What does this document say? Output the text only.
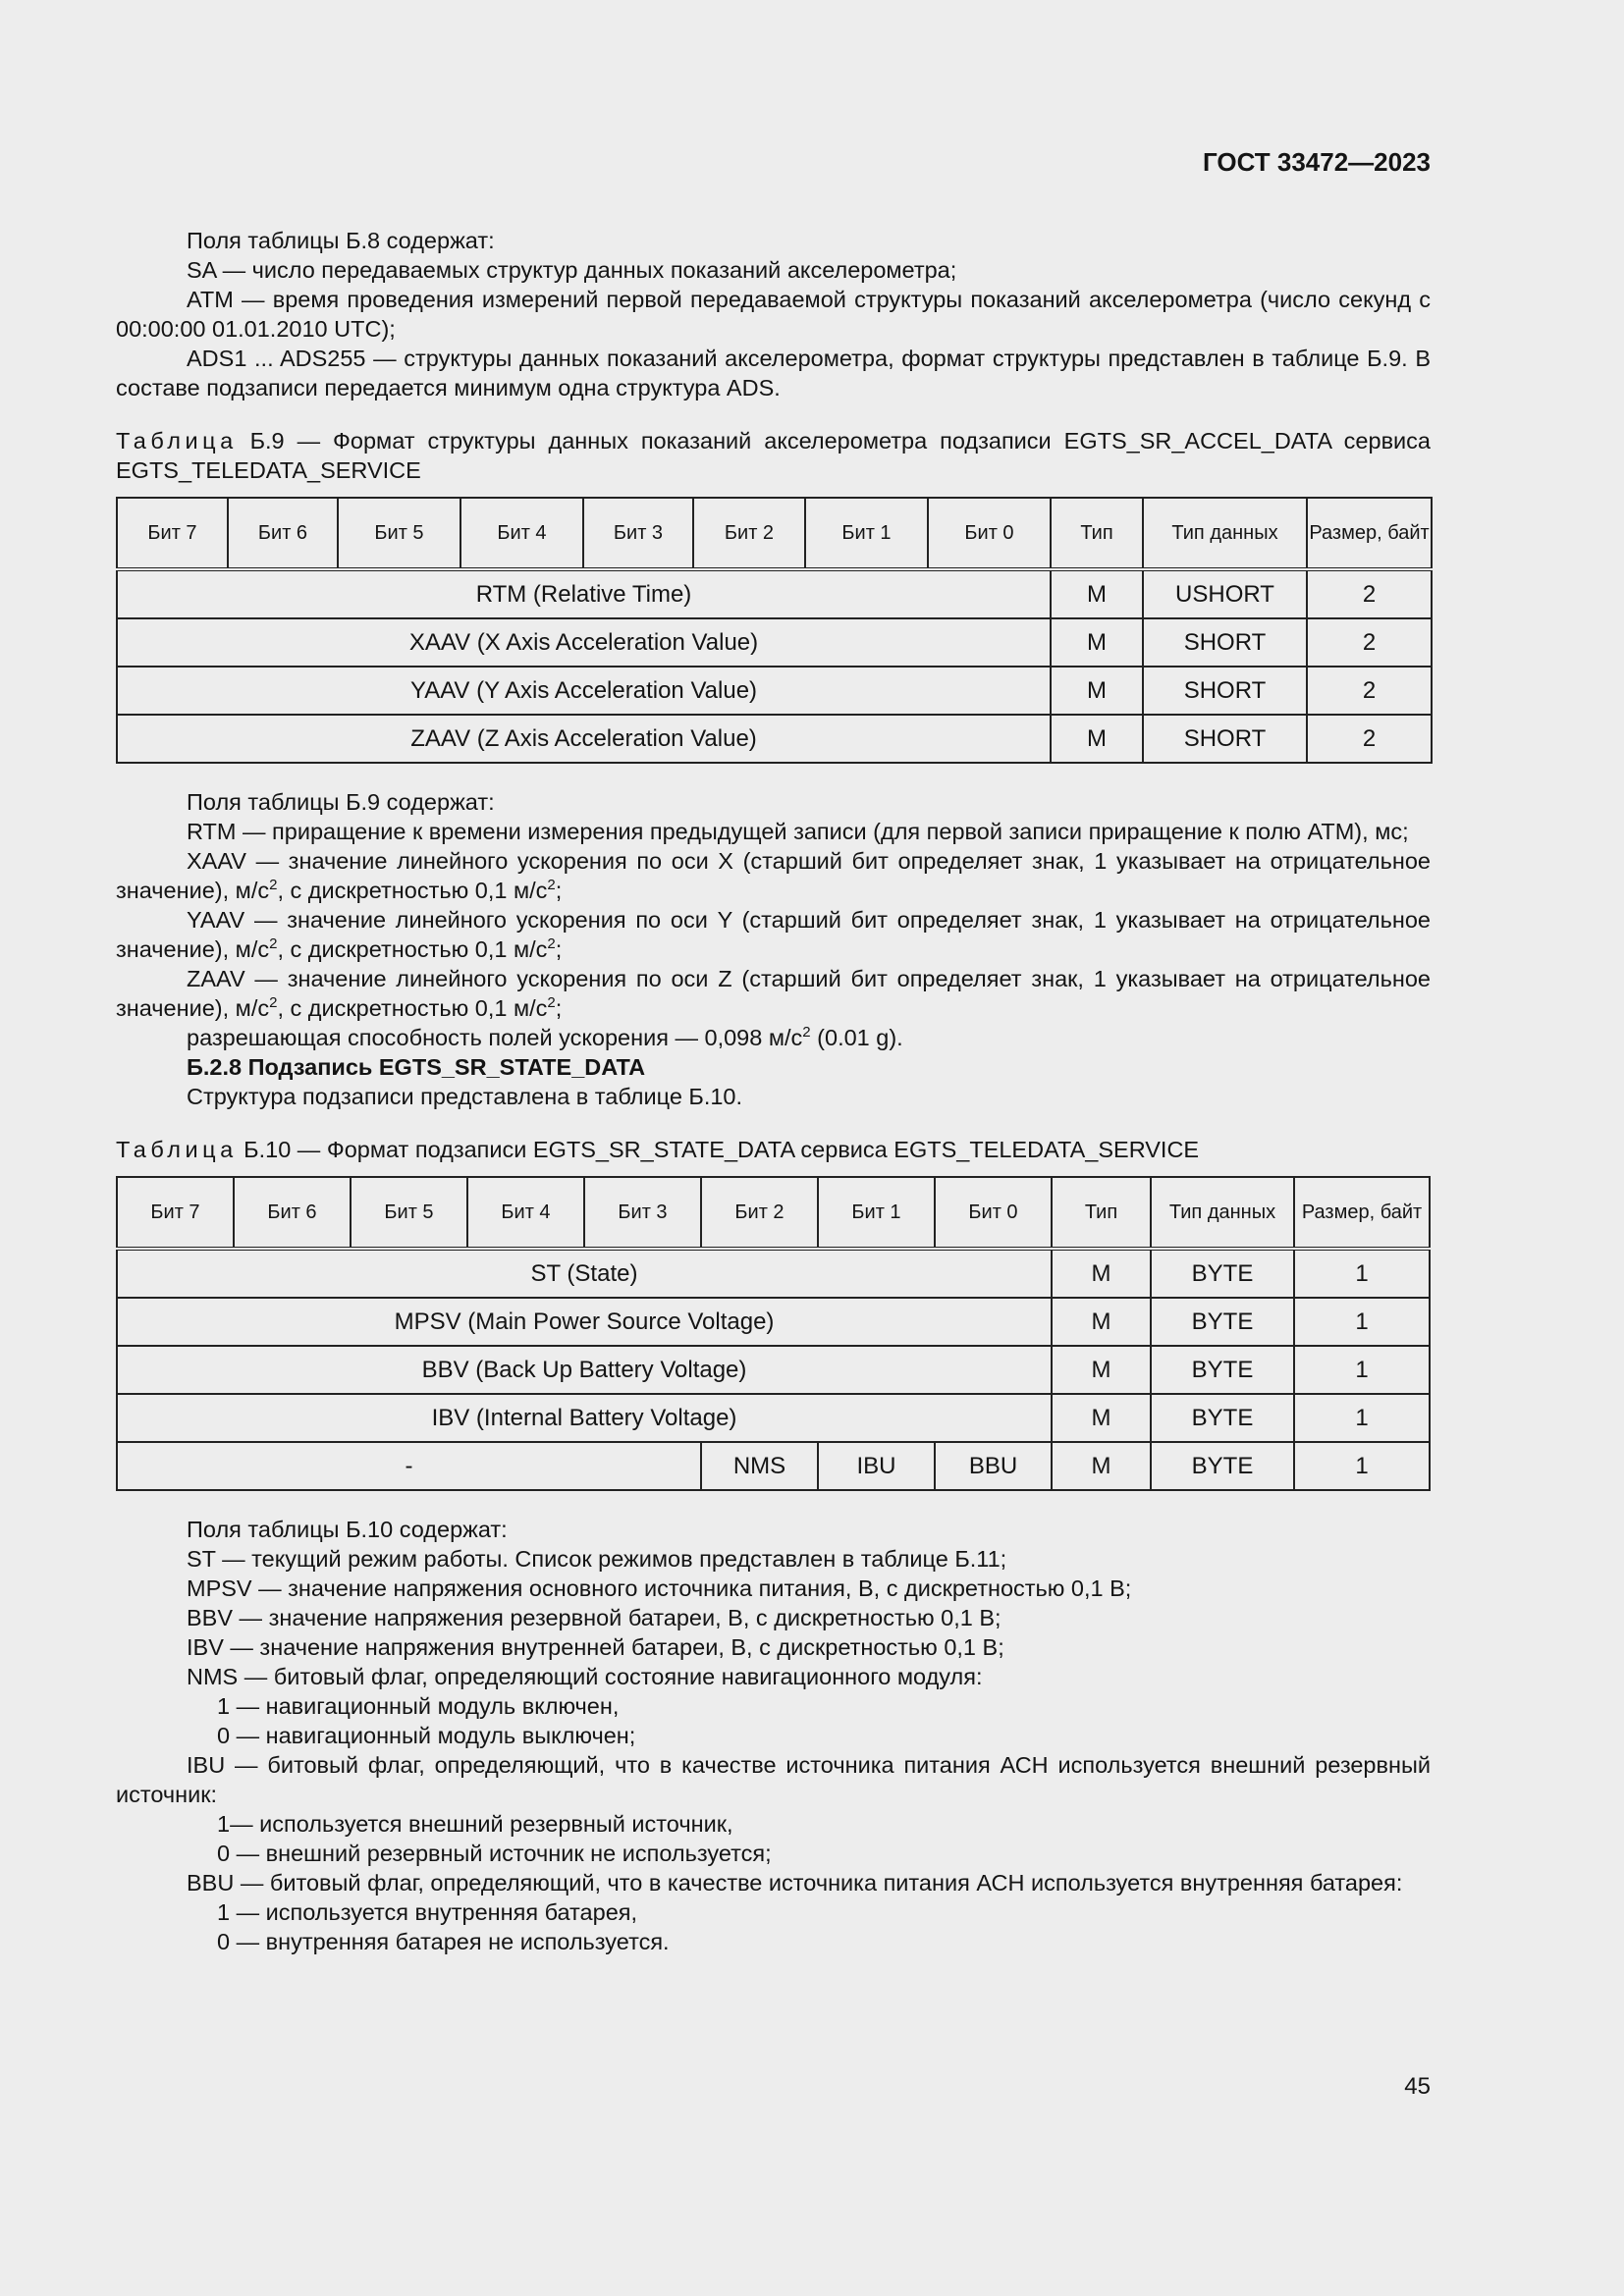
ГОСТ 33472—2023

Поля таблицы Б.8 содержат:

SA — число передаваемых структур данных показаний акселерометра;

ATM — время проведения измерений первой передаваемой структуры показаний акселерометра (число секунд с 00:00:00 01.01.2010 UTC);

ADS1 ... ADS255 — структуры данных показаний акселерометра, формат структуры представлен в таблице Б.9. В составе подзаписи передается минимум одна структура ADS.

Таблица Б.9 — Формат структуры данных показаний акселерометра подзаписи EGTS_SR_ACCEL_DATA сервиса EGTS_TELEDATA_SERVICE

Бит 7	Бит 6	Бит 5	Бит 4	Бит 3	Бит 2	Бит 1	Бит 0	Тип	Тип данных	Размер, байт
RTM (Relative Time)								M	USHORT	2
XAAV (X Axis Acceleration Value)								M	SHORT	2
YAAV (Y Axis Acceleration Value)								M	SHORT	2
ZAAV (Z Axis Acceleration Value)								M	SHORT	2

Поля таблицы Б.9 содержат:

RTM — приращение к времени измерения предыдущей записи (для первой записи приращение к полю ATM), мс;

XAAV — значение линейного ускорения по оси X (старший бит определяет знак, 1 указывает на отрицательное значение), $м/с^2$, с дискретностью 0,1 $м/с^2$;

YAAV — значение линейного ускорения по оси Y (старший бит определяет знак, 1 указывает на отрицательное значение), $м/с^2$, с дискретностью 0,1 $м/с^2$;

ZAAV — значение линейного ускорения по оси Z (старший бит определяет знак, 1 указывает на отрицательное значение), $м/с^2$, с дискретностью 0,1 $м/с^2$;

разрешающая способность полей ускорения — 0,098 $м/с^2$ (0.01 g).

Б.2.8 Подзапись EGTS_SR_STATE_DATA

Структура подзаписи представлена в таблице Б.10.

Таблица Б.10 — Формат подзаписи EGTS_SR_STATE_DATA сервиса EGTS_TELEDATA_SERVICE

Бит 7	Бит 6	Бит 5	Бит 4	Бит 3	Бит 2	Бит 1	Бит 0	Тип	Тип данных	Размер, байт
ST (State)								M	BYTE	1
MPSV (Main Power Source Voltage)								M	BYTE	1
BBV (Back Up Battery Voltage)								M	BYTE	1
IBV (Internal Battery Voltage)								M	BYTE	1
-					NMS	IBU	BBU	M	BYTE	1

Поля таблицы Б.10 содержат:

ST — текущий режим работы. Список режимов представлен в таблице Б.11;

MPSV — значение напряжения основного источника питания, В, с дискретностью 0,1 В;

BBV — значение напряжения резервной батареи, В, с дискретностью 0,1 В;

IBV — значение напряжения внутренней батареи, В, с дискретностью 0,1 В;

NMS — битовый флаг, определяющий состояние навигационного модуля:

1 — навигационный модуль включен,

0 — навигационный модуль выключен;

IBU — битовый флаг, определяющий, что в качестве источника питания АСН используется внешний резервный источник:

1— используется внешний резервный источник,

0 — внешний резервный источник не используется;

BBU — битовый флаг, определяющий, что в качестве источника питания АСН используется внутренняя батарея:

1 — используется внутренняя батарея,

0 — внутренняя батарея не используется.

45
